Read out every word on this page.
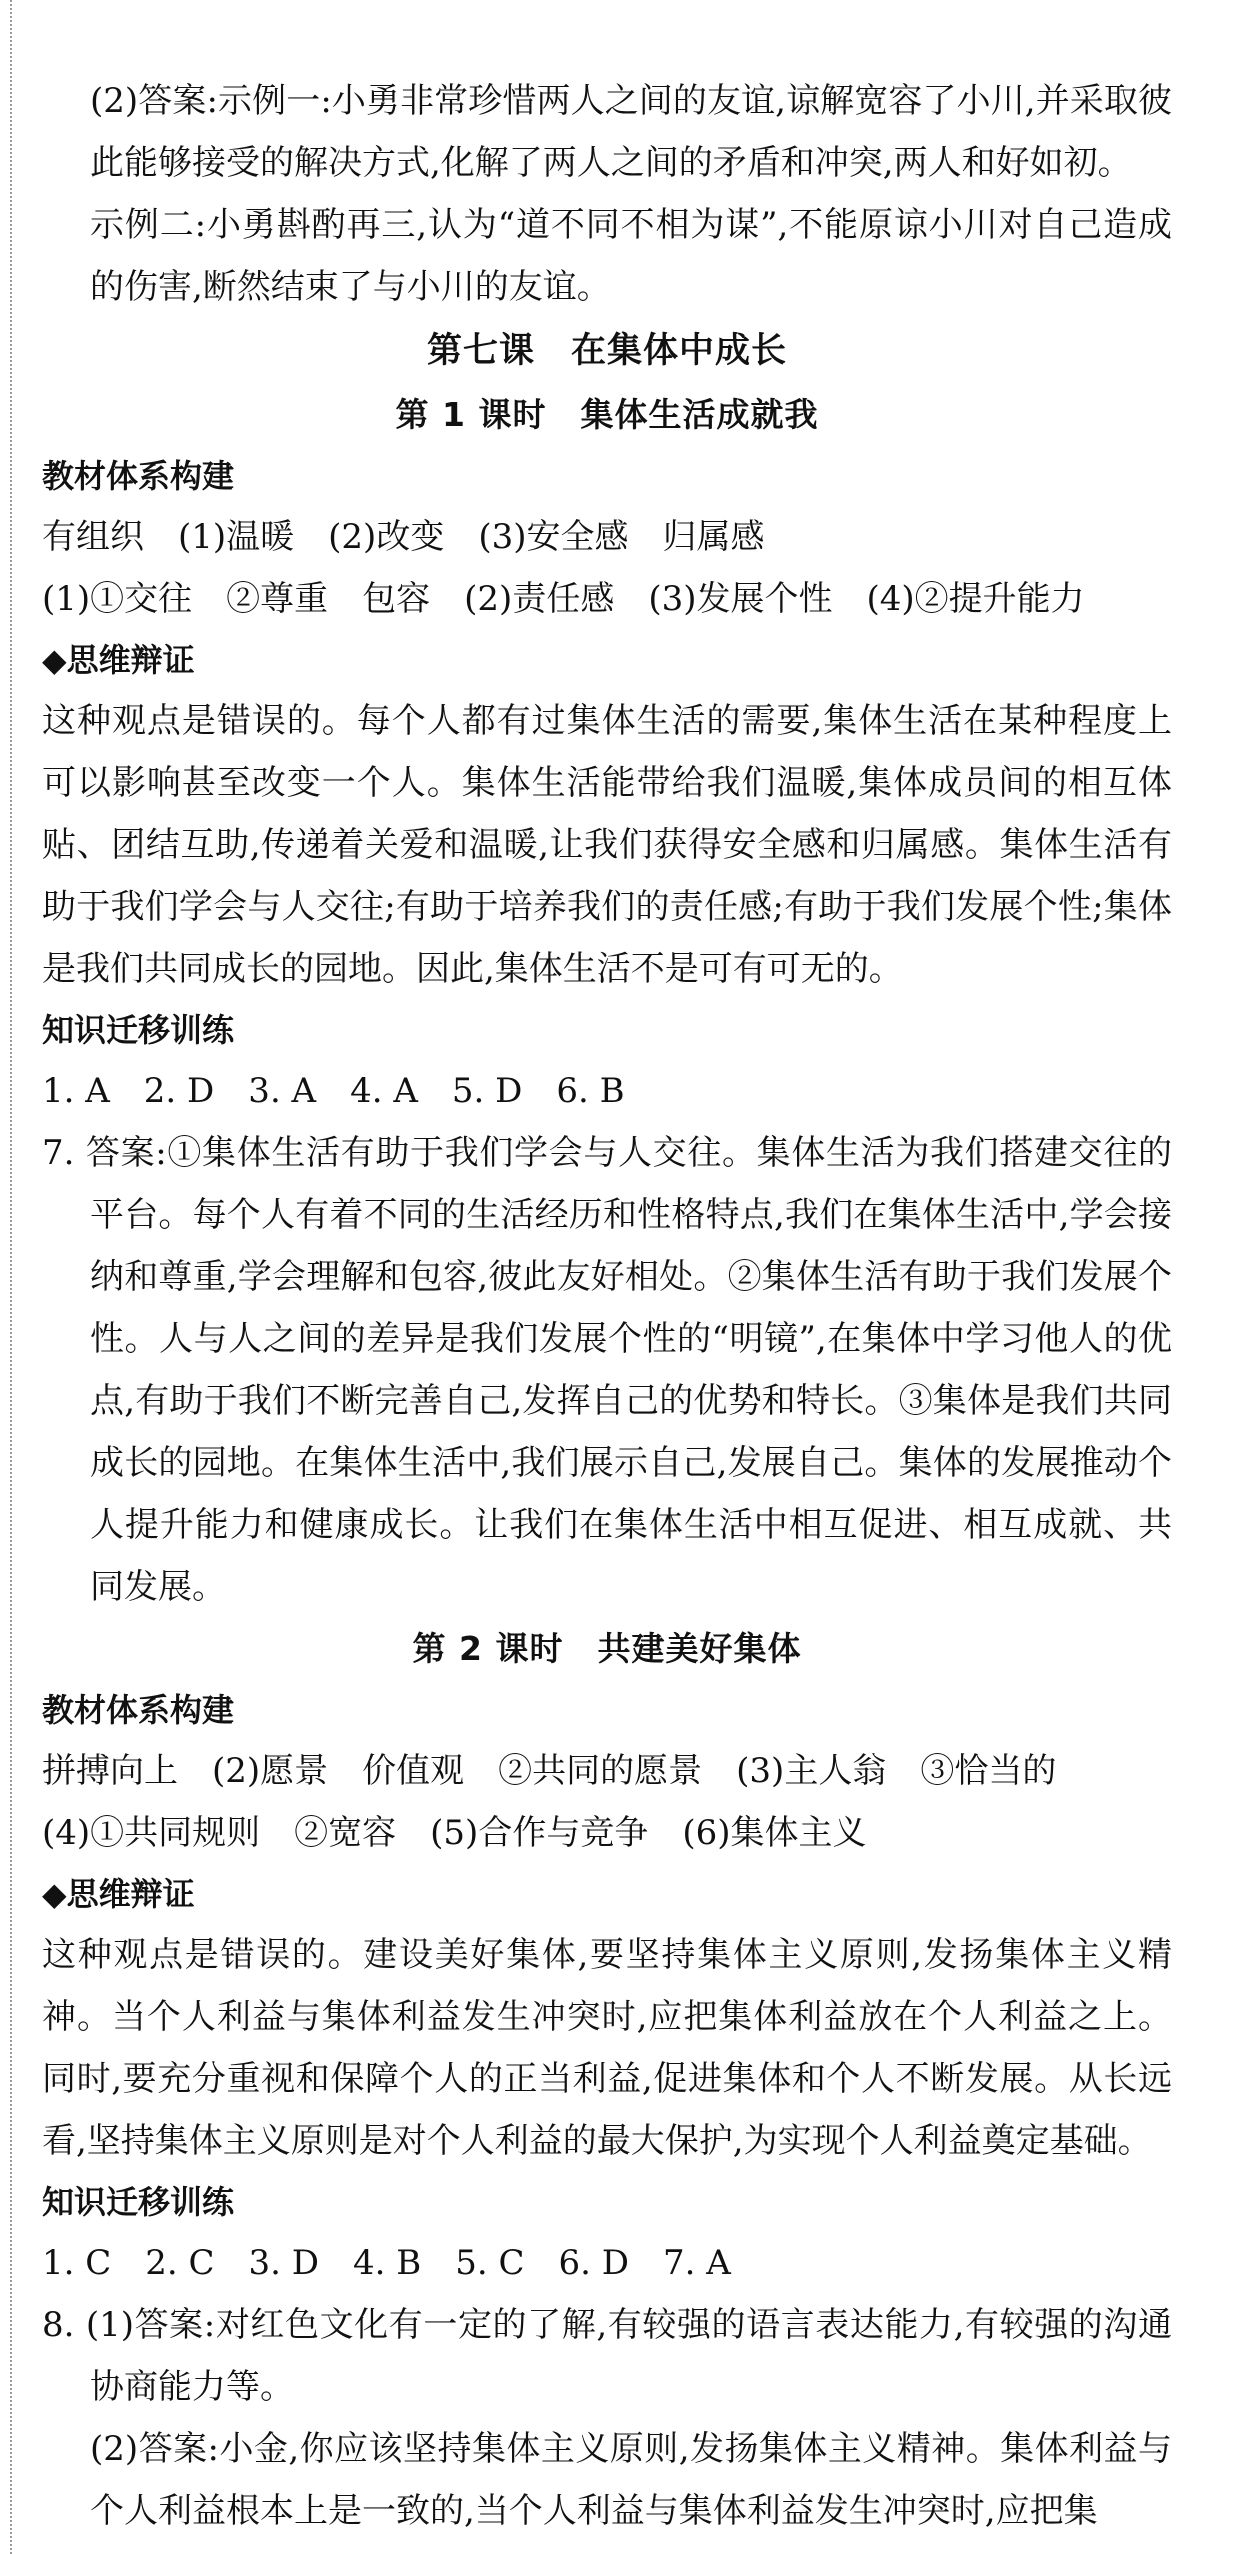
(2)答案:示例一:小勇非常珍惜两人之间的友谊,谅解宽容了小川,并采取彼此能够接受的解决方式,化解了两人之间的矛盾和冲突,两人和好如初。

示例二:小勇斟酌再三,认为“道不同不相为谋”,不能原谅小川对自己造成的伤害,断然结束了与小川的友谊。

第七课　在集体中成长
第 1 课时　集体生活成就我
教材体系构建

有组织　(1)温暖　(2)改变　(3)安全感　归属感

(1)①交往　②尊重　包容　(2)责任感　(3)发展个性　(4)②提升能力

◆思维辩证

这种观点是错误的。每个人都有过集体生活的需要,集体生活在某种程度上可以影响甚至改变一个人。集体生活能带给我们温暖,集体成员间的相互体贴、团结互助,传递着关爱和温暖,让我们获得安全感和归属感。集体生活有助于我们学会与人交往;有助于培养我们的责任感;有助于我们发展个性;集体是我们共同成长的园地。因此,集体生活不是可有可无的。

知识迁移训练

1. A　2. D　3. A　4. A　5. D　6. B

7. 答案:①集体生活有助于我们学会与人交往。集体生活为我们搭建交往的平台。每个人有着不同的生活经历和性格特点,我们在集体生活中,学会接纳和尊重,学会理解和包容,彼此友好相处。②集体生活有助于我们发展个性。人与人之间的差异是我们发展个性的“明镜”,在集体中学习他人的优点,有助于我们不断完善自己,发挥自己的优势和特长。③集体是我们共同成长的园地。在集体生活中,我们展示自己,发展自己。集体的发展推动个人提升能力和健康成长。让我们在集体生活中相互促进、相互成就、共同发展。

第 2 课时　共建美好集体
教材体系构建

拼搏向上　(2)愿景　价值观　②共同的愿景　(3)主人翁　③恰当的

(4)①共同规则　②宽容　(5)合作与竞争　(6)集体主义

◆思维辩证

这种观点是错误的。建设美好集体,要坚持集体主义原则,发扬集体主义精神。当个人利益与集体利益发生冲突时,应把集体利益放在个人利益之上。同时,要充分重视和保障个人的正当利益,促进集体和个人不断发展。从长远看,坚持集体主义原则是对个人利益的最大保护,为实现个人利益奠定基础。

知识迁移训练

1. C　2. C　3. D　4. B　5. C　6. D　7. A

8. (1)答案:对红色文化有一定的了解,有较强的语言表达能力,有较强的沟通协商能力等。

(2)答案:小金,你应该坚持集体主义原则,发扬集体主义精神。集体利益与个人利益根本上是一致的,当个人利益与集体利益发生冲突时,应把集
